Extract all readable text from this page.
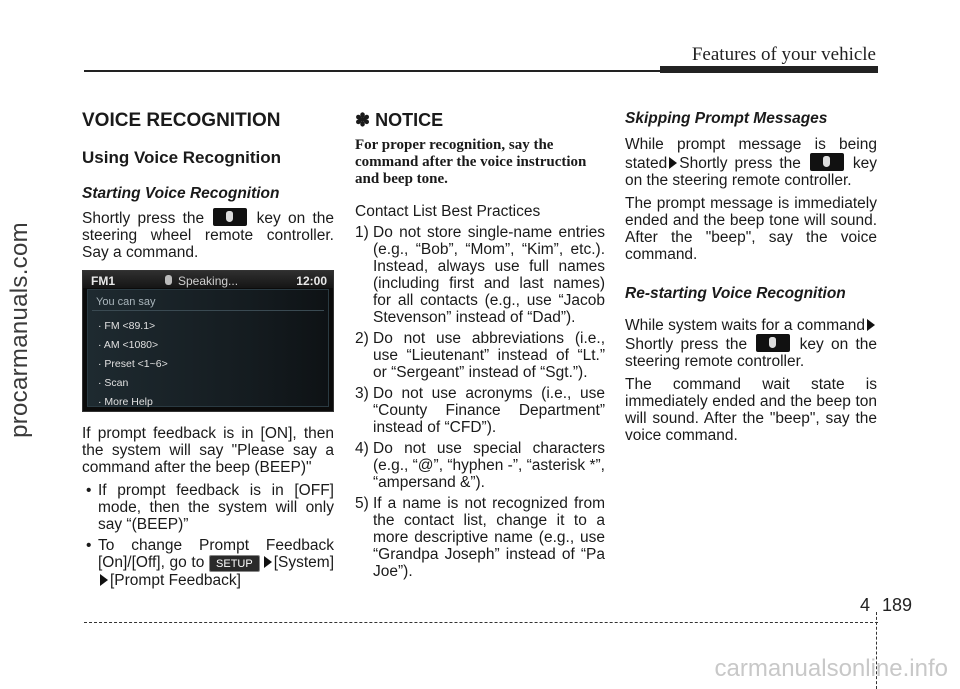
Features of your vehicle
procarmanuals.com
VOICE RECOGNITION
Using Voice Recognition
Starting Voice Recognition
Shortly press the	key on the steering wheel remote controller. Say a command.
FM1	Speaking...	12:00
You can say
· FM <89.1>
· AM <1080>
· Preset <1~6>
· Scan
· More Help
If prompt feedback is in [ON], then the system will say "Please say a command after the beep (BEEP)"
• If prompt feedback is in [OFF] mode, then the system will only say “(BEEP)”
• To change Prompt Feedback [On]/[Off], go to SETUP [System] [Prompt Feedback]
✽ NOTICE
For proper recognition, say the command after the voice instruction and beep tone.
Contact List Best Practices
1) Do not store single-name entries (e.g., “Bob”, “Mom”, “Kim”, etc.). Instead, always use full names (including first and last names) for all contacts (e.g., use “Jacob Stevenson” instead of “Dad”).
2) Do not use abbreviations (i.e., use “Lieutenant” instead of “Lt.” or “Sergeant” instead of “Sgt.”).
3) Do not use acronyms (i.e., use “County Finance Department” instead of “CFD”).
4) Do not use special characters (e.g., “@”, “hyphen -”, “asterisk *”, “ampersand &”).
5) If a name is not recognized from the contact list, change it to a more descriptive name (e.g., use “Grandpa Joseph” instead of “Pa Joe”).
Skipping Prompt Messages
While prompt message is being stated Shortly press the	key on the steering remote controller.
The prompt message is immediately ended and the beep tone will sound. After the "beep", say the voice command.
Re-starting Voice Recognition
While system waits for a command Shortly press the	key on the steering remote controller.
The command wait state is immediately ended and the beep ton will sound. After the "beep", say the voice command.
4 189
carmanualsonline.info
